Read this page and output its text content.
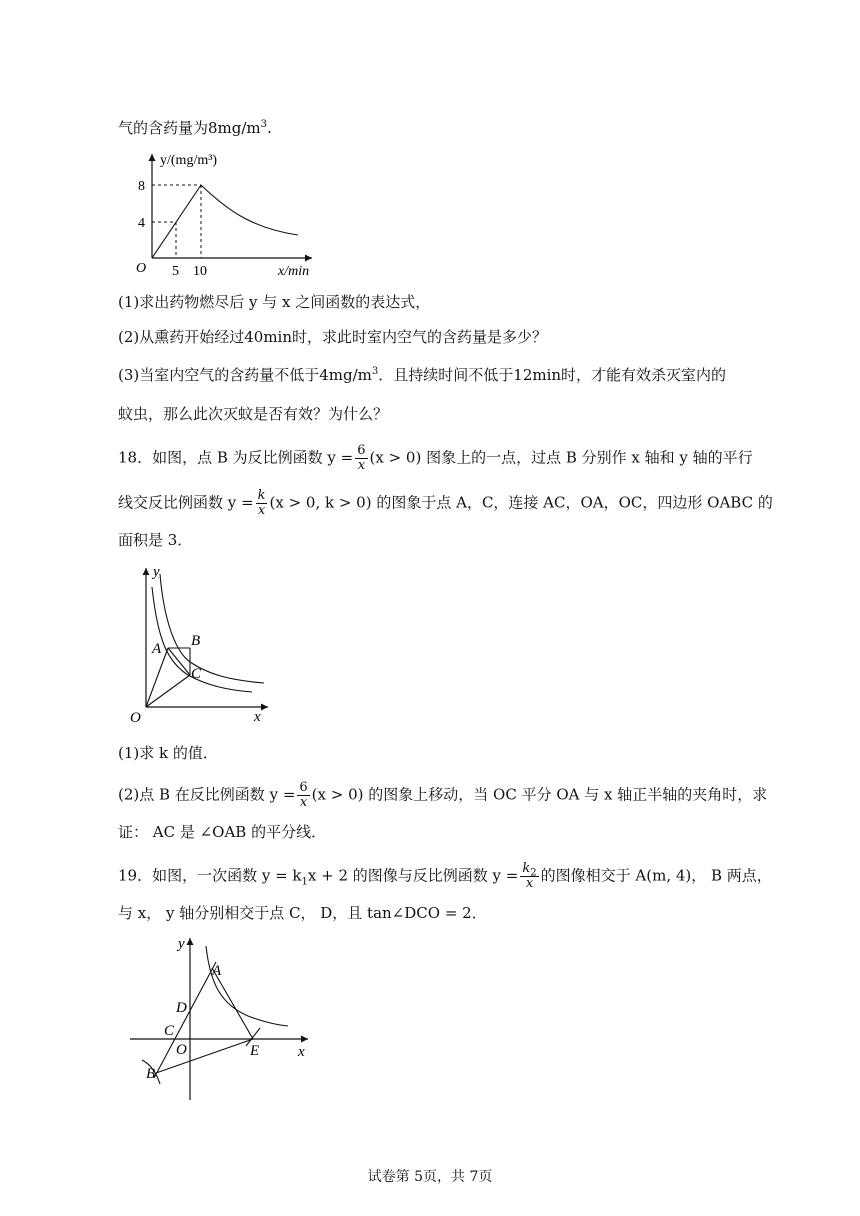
气的含药量为$8mg/m^3$.
y/(mg/m³)
x/min
O
8
4
5 10
(1)求出药物燃尽后 y 与 x 之间函数的表达式，
(2)从熏药开始经过40min时，求此时室内空气的含药量是多少？
(3)当室内空气的含药量不低于$4mg/m^3$．且持续时间不低于12min时，才能有效杀灭室内的
蚊虫，那么此次灭蚊是否有效？为什么？
18．如图，点 B 为反比例函数 $y = \frac{6}{x} (x > 0)$ 图象上的一点，过点 B 分别作 x 轴和 y 轴的平行
线交反比例函数 $y = \frac{k}{x} (x > 0$, k > 0) 的图象于点 A，C，连接 AC，OA，OC，四边形 OABC 的
面积是 3．
y
x
O
A B
C
(1)求 k 的值．
(2)点 B 在反比例函数 $y = \frac{6}{x} (x > 0)$ 的图象上移动，当 OC 平分 OA 与 x 轴正半轴的夹角时，求
证： AC 是 ∠OAB 的平分线．
19．如图，一次函数 $y = k_1x + 2$ 的图像与反比例函数 $y = \frac{k_2}{x}$ 的图像相交于 A(m, 4)， B 两点，
与 x， y 轴分别相交于点 C， D，且 tan∠DCO = 2．
y
x
O
A
B
C
D
E
试卷第 5页，共 7页
